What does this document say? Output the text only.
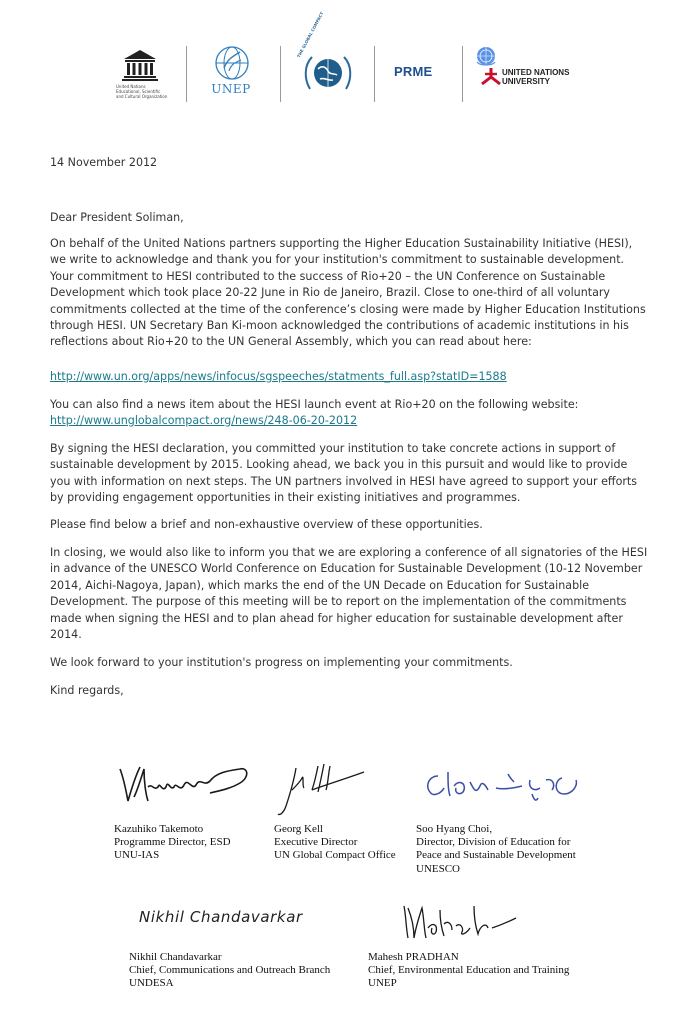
United Nations Educational, Scientific and Cultural Organization
UNEP
THE GLOBAL COMPACT
PRME	UNITED NATIONS
UNIVERSITY
14 November 2012
Dear President Soliman,

On behalf of the United Nations partners supporting the Higher Education Sustainability Initiative (HESI), we write to acknowledge and thank you for your institution's commitment to sustainable development. Your commitment to HESI contributed to the success of Rio+20 – the UN Conference on Sustainable Development which took place 20-22 June in Rio de Janeiro, Brazil. Close to one-third of all voluntary commitments collected at the time of the conference’s closing were made by Higher Education Institutions through HESI. UN Secretary Ban Ki-moon acknowledged the contributions of academic institutions in his reflections about Rio+20 to the UN General Assembly, which you can read about here:

http://www.un.org/apps/news/infocus/sgspeeches/statments_full.asp?statID=1588

You can also find a news item about the HESI launch event at Rio+20 on the following website:

http://www.unglobalcompact.org/news/248-06-20-2012

By signing the HESI declaration, you committed your institution to take concrete actions in support of sustainable development by 2015. Looking ahead, we back you in this pursuit and would like to provide you with information on next steps. The UN partners involved in HESI have agreed to support your efforts by providing engagement opportunities in their existing initiatives and programmes.

Please find below a brief and non-exhaustive overview of these opportunities.

In closing, we would also like to inform you that we are exploring a conference of all signatories of the HESI in advance of the UNESCO World Conference on Education for Sustainable Development (10-12 November 2014, Aichi-Nagoya, Japan), which marks the end of the UN Decade on Education for Sustainable Development. The purpose of this meeting will be to report on the implementation of the commitments made when signing the HESI and to plan ahead for higher education for sustainable development after 2014.

We look forward to your institution's progress on implementing your commitments.

Kind regards,
Kazuhiko Takemoto
Programme Director, ESD
UNU-IAS
Georg Kell
Executive Director
UN Global Compact Office
Soo Hyang Choi,
Director, Division of Education for
Peace and Sustainable Development
UNESCO
Nikhil Chandavarkar
Nikhil Chandavarkar
Chief, Communications and Outreach Branch
UNDESA
Mahesh PRADHAN
Chief, Environmental Education and Training
UNEP
